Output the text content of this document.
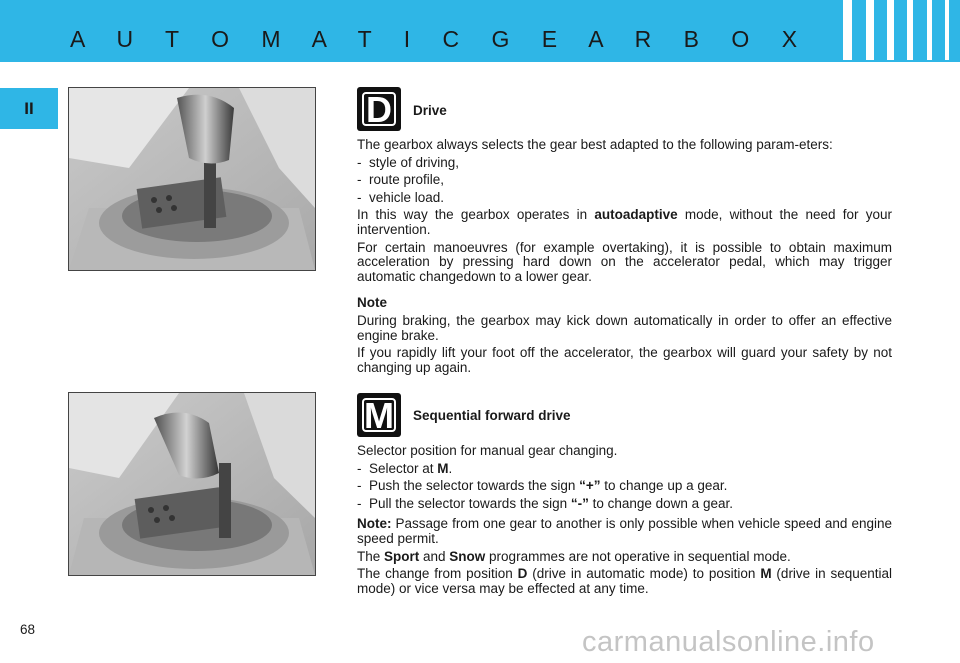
A U T O M A T I C G E A R B O X
II	D	Drive

The gearbox always selects the gear best adapted to the following param-eters:

-  style of driving,

-  route profile,

-  vehicle load.

In this way the gearbox operates in autoadaptive mode, without the need for your intervention.

For certain manoeuvres (for example overtaking), it is possible to obtain maximum acceleration by pressing hard down on the accelerator pedal, which may trigger automatic changedown to a lower gear.

Note

During braking, the gearbox may kick down automatically in order to offer an effective engine brake.

If you rapidly lift your foot off the accelerator, the gearbox will guard your safety by not changing up again.

M	Sequential forward drive

Selector position for manual gear changing.

-  Selector at M.

-  Push the selector towards the sign “+” to change up a gear.

-  Pull the selector towards the sign “-” to change down a gear.

Note: Passage from one gear to another is only possible when vehicle speed and engine speed permit.

The Sport and Snow programmes are not operative in sequential mode.

The change from position D (drive in automatic mode) to position M (drive in sequential mode) or vice versa may be effected at any time.

68	carmanualsonline.info
